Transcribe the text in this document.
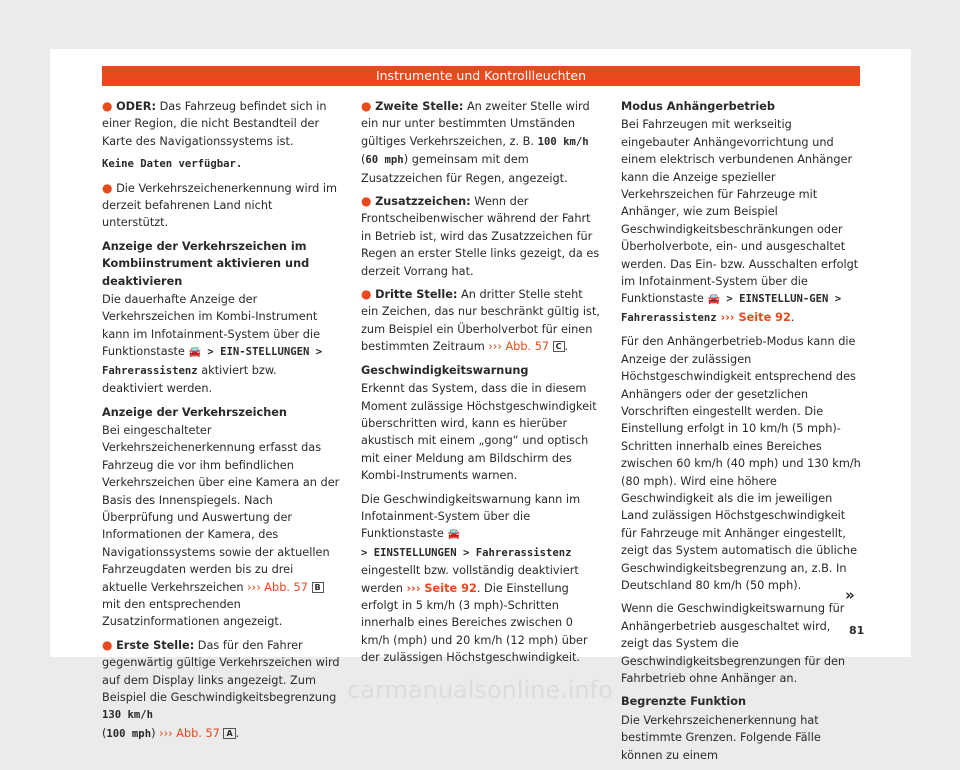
Instrumente und Kontrollleuchten

● ODER: Das Fahrzeug befindet sich in einer Region, die nicht Bestandteil der Karte des Navigationssystems ist.

Keine Daten verfügbar.

● Die Verkehrszeichenerkennung wird im derzeit befahrenen Land nicht unterstützt.

Anzeige der Verkehrszeichen im Kombiinstrument aktivieren und deaktivieren

Die dauerhafte Anzeige der Verkehrszeichen im Kombi-Instrument kann im Infotainment-System über die Funktionstaste 🚘 > EIN-STELLUNGEN > Fahrerassistenz aktiviert bzw. deaktiviert werden.

Anzeige der Verkehrszeichen

Bei eingeschalteter Verkehrszeichenerkennung erfasst das Fahrzeug die vor ihm befindlichen Verkehrszeichen über eine Kamera an der Basis des Innenspiegels. Nach Überprüfung und Auswertung der Informationen der Kamera, des Navigationssystems sowie der aktuellen Fahrzeugdaten werden bis zu drei aktuelle Verkehrszeichen ››› Abb. 57 B mit den entsprechenden Zusatzinformationen angezeigt.

● Erste Stelle: Das für den Fahrer gegenwärtig gültige Verkehrszeichen wird auf dem Display links angezeigt. Zum Beispiel die Geschwindigkeitsbegrenzung 130 km/h
(100 mph) ››› Abb. 57 A .

● Zweite Stelle: An zweiter Stelle wird ein nur unter bestimmten Umständen gültiges Verkehrszeichen, z. B. 100 km/h (60 mph) gemeinsam mit dem Zusatzzeichen für Regen, angezeigt.

● Zusatzzeichen: Wenn der Frontscheibenwischer während der Fahrt in Betrieb ist, wird das Zusatzzeichen für Regen an erster Stelle links gezeigt, da es derzeit Vorrang hat.

● Dritte Stelle: An dritter Stelle steht ein Zeichen, das nur beschränkt gültig ist, zum Beispiel ein Überholverbot für einen bestimmten Zeitraum ››› Abb. 57 C .

Geschwindigkeitswarnung

Erkennt das System, dass die in diesem Moment zulässige Höchstgeschwindigkeit überschritten wird, kann es hierüber akustisch mit einem „gong“ und optisch mit einer Meldung am Bildschirm des Kombi-Instruments warnen.

Die Geschwindigkeitswarnung kann im Infotainment-System über die Funktionstaste 🚘
> EINSTELLUNGEN > Fahrerassistenz
eingestellt bzw. vollständig deaktiviert werden ››› Seite 92. Die Einstellung erfolgt in 5 km/h (3 mph)-Schritten innerhalb eines Bereiches zwischen 0 km/h (mph) und 20 km/h (12 mph) über der zulässigen Höchstgeschwindigkeit.

Modus Anhängerbetrieb

Bei Fahrzeugen mit werkseitig eingebauter Anhängevorrichtung und einem elektrisch verbundenen Anhänger kann die Anzeige spezieller Verkehrszeichen für Fahrzeuge mit Anhänger, wie zum Beispiel Geschwindigkeitsbeschränkungen oder Überholverbote, ein- und ausgeschaltet werden. Das Ein- bzw. Ausschalten erfolgt im Infotainment-System über die Funktionstaste 🚘 > EINSTELLUN-GEN > Fahrerassistenz ››› Seite 92.

Für den Anhängerbetrieb-Modus kann die Anzeige der zulässigen Höchstgeschwindigkeit entsprechend des Anhängers oder der gesetzlichen Vorschriften eingestellt werden. Die Einstellung erfolgt in 10 km/h (5 mph)-Schritten innerhalb eines Bereiches zwischen 60 km/h (40 mph) und 130 km/h (80 mph). Wird eine höhere Geschwindigkeit als die im jeweiligen Land zulässigen Höchstgeschwindigkeit für Fahrzeuge mit Anhänger eingestellt, zeigt das System automatisch die übliche Geschwindigkeitsbegrenzung an, z.B. In Deutschland 80 km/h (50 mph).

Wenn die Geschwindigkeitswarnung für Anhängerbetrieb ausgeschaltet wird, zeigt das System die Geschwindigkeitsbegrenzungen für den Fahrbetrieb ohne Anhänger an.

Begrenzte Funktion

Die Verkehrszeichenerkennung hat bestimmte Grenzen. Folgende Fälle können zu einem

»
81
carmanualsonline.info
